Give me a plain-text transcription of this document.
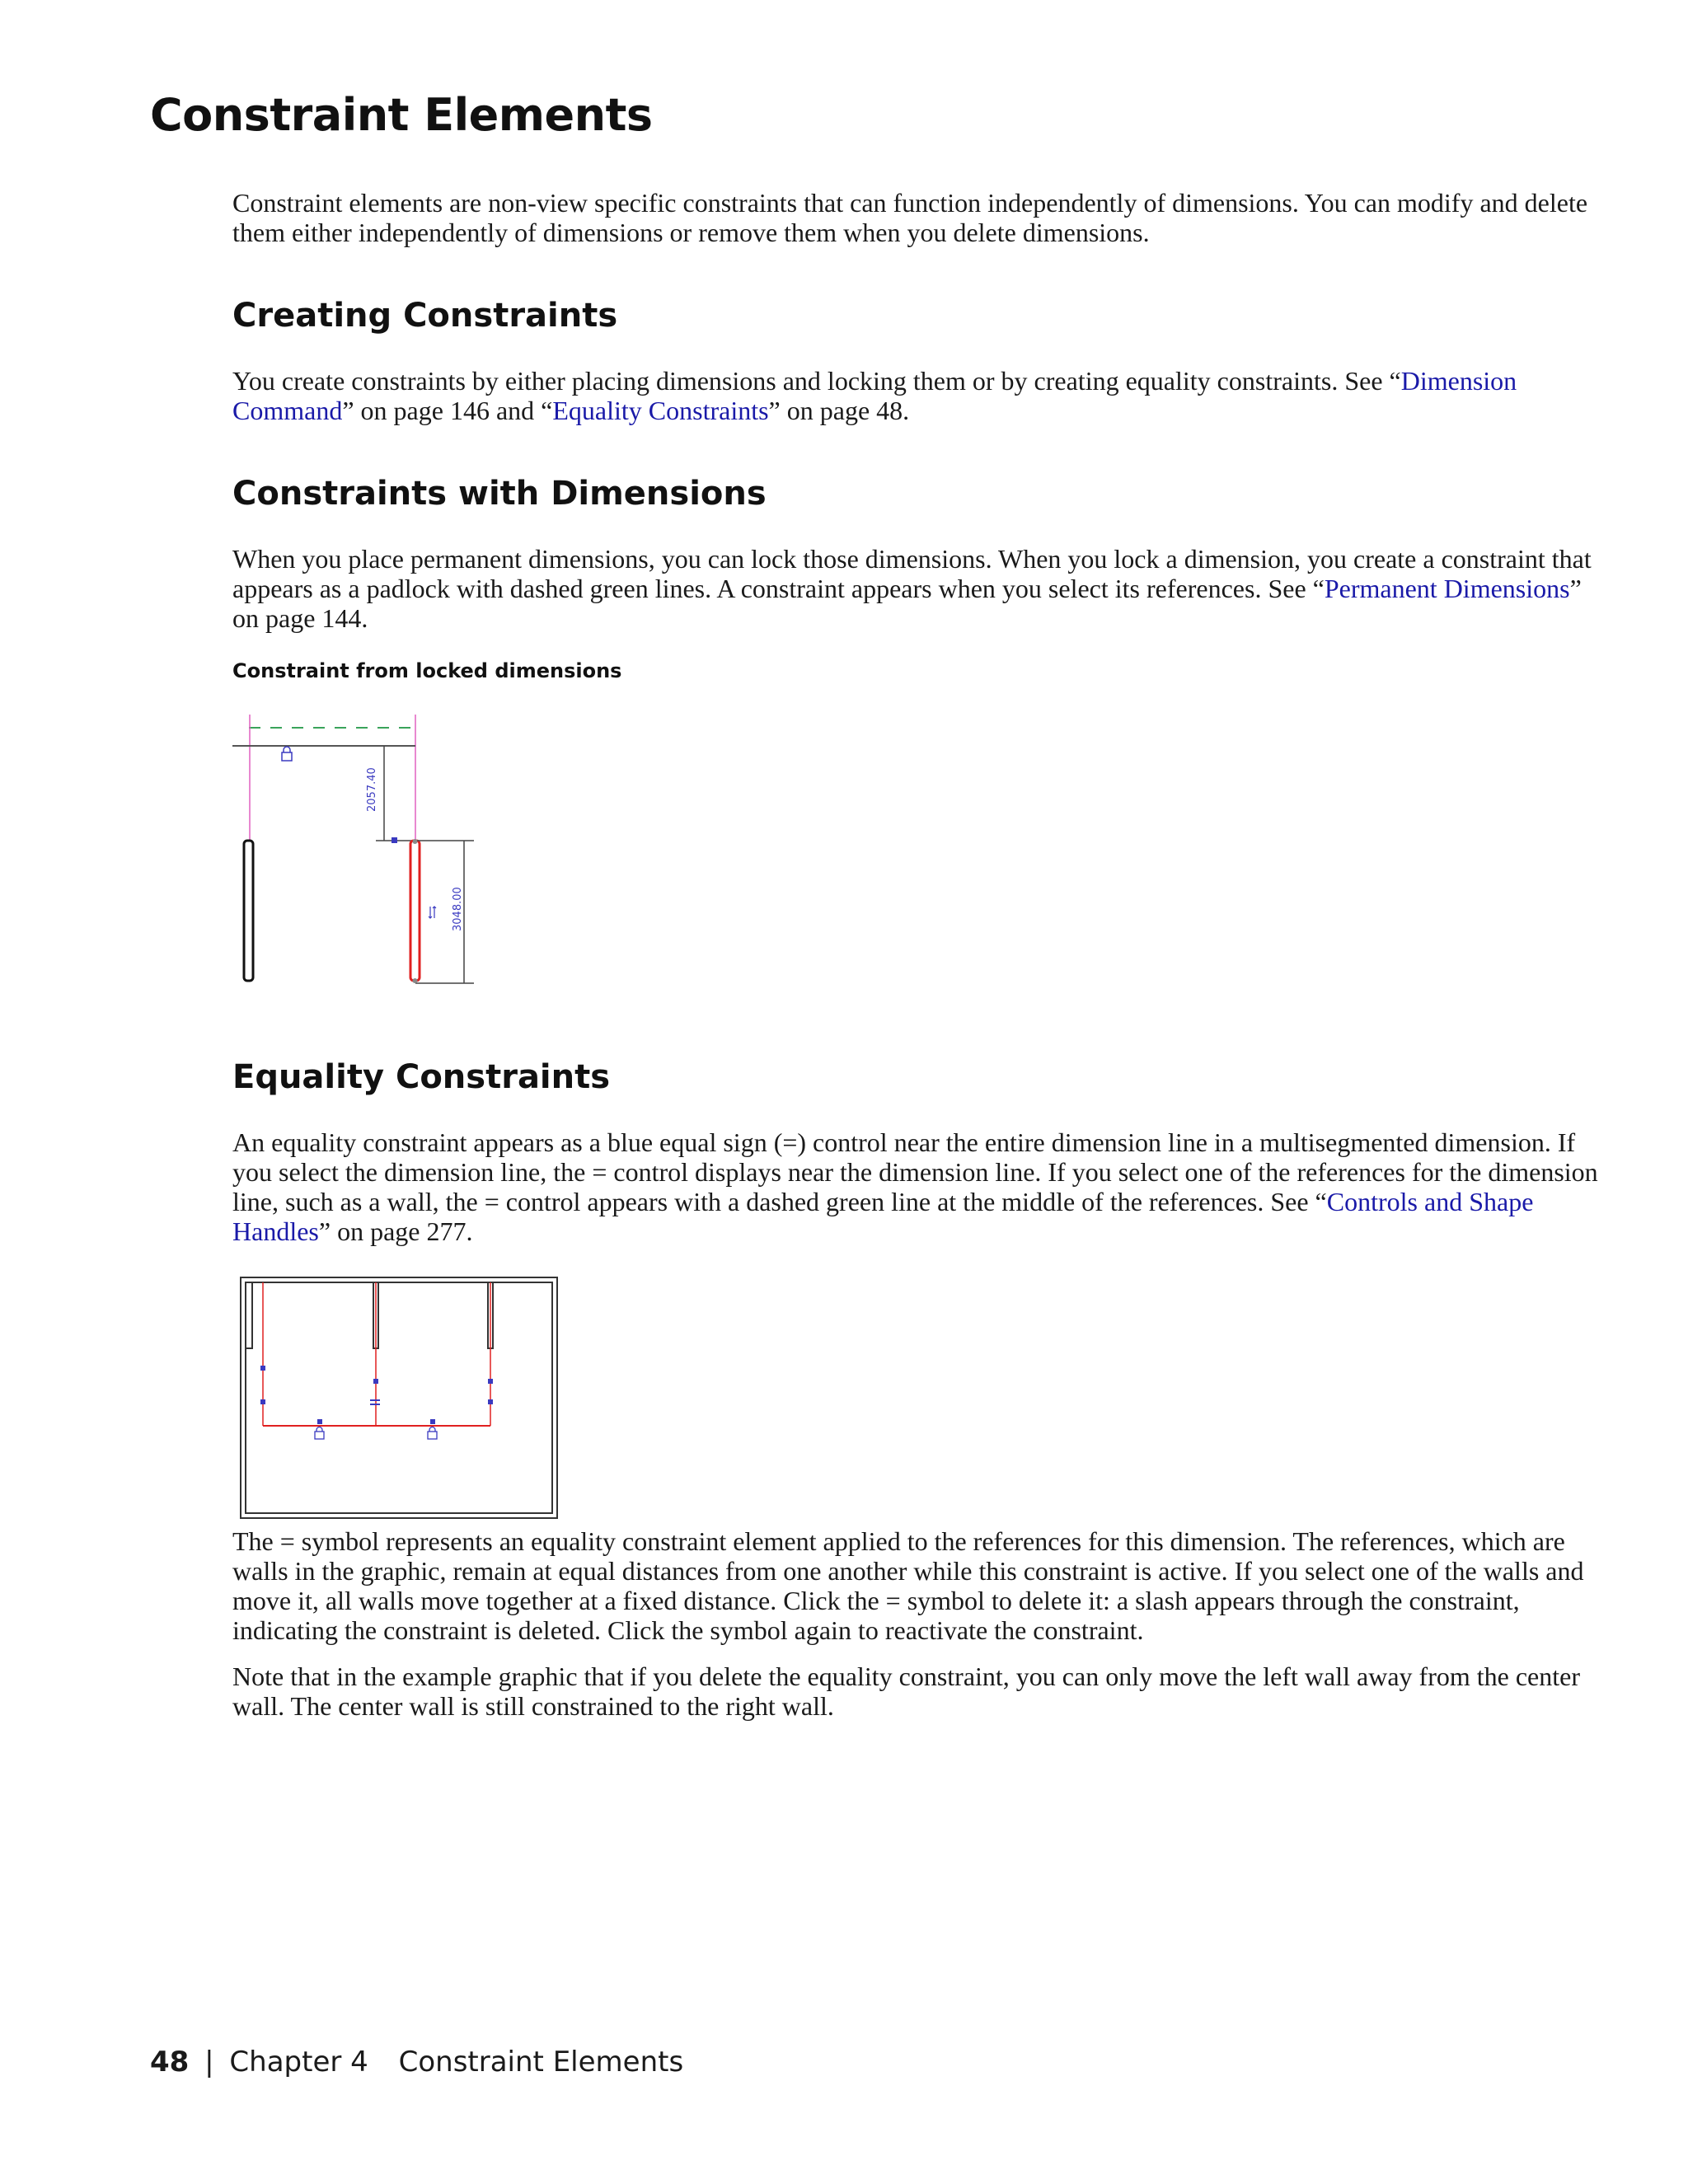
Constraint Elements

Constraint elements are non-view specific constraints that can function independently of dimensions. You can modify and delete them either independently of dimensions or remove them when you delete dimensions.

Creating Constraints

You create constraints by either placing dimensions and locking them or by creating equality constraints. See “Dimension Command” on page 146 and “Equality Constraints” on page 48.

Constraints with Dimensions

When you place permanent dimensions, you can lock those dimensions. When you lock a dimension, you create a constraint that appears as a padlock with dashed green lines. A constraint appears when you select its references. See “Permanent Dimensions” on page 144.

Constraint from locked dimensions

2057.40
3048.00
Equality Constraints

An equality constraint appears as a blue equal sign (=) control near the entire dimension line in a multisegmented dimension. If you select the dimension line, the = control displays near the dimension line. If you select one of the references for the dimension line, such as a wall, the = control appears with a dashed green line at the middle of the references. See “Controls and Shape Handles” on page 277.

The = symbol represents an equality constraint element applied to the references for this dimension. The references, which are walls in the graphic, remain at equal distances from one another while this constraint is active. If you select one of the walls and move it, all walls move together at a fixed distance. Click the = symbol to delete it: a slash appears through the constraint, indicating the constraint is deleted. Click the symbol again to reactivate the constraint.

Note that in the example graphic that if you delete the equality constraint, you can only move the left wall away from the center wall. The center wall is still constrained to the right wall.

48 | Chapter 4 Constraint Elements
